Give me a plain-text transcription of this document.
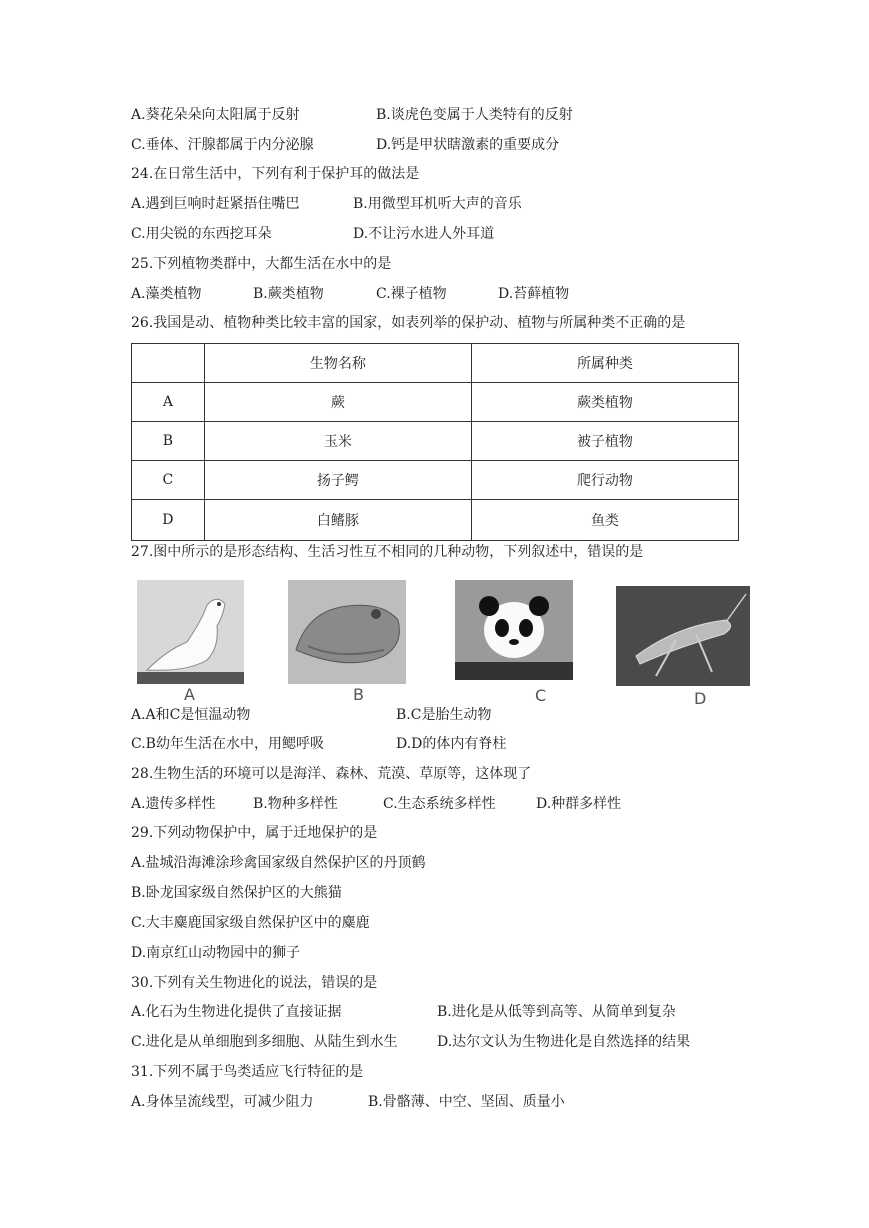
A.葵花朵朵向太阳属于反射	B.谈虎色变属于人类特有的反射
C.垂体、汗腺都属于内分泌腺	D.钙是甲状瞎激素的重要成分
24.在日常生活中，下列有利于保护耳的做法是
A.遇到巨响时赶紧捂住嘴巴	B.用微型耳机听大声的音乐
C.用尖锐的东西挖耳朵	D.不让污水进人外耳道
25.下列植物类群中，大都生活在水中的是
A.藻类植物	B.蕨类植物	C.裸子植物	D.苔藓植物
26.我国是动、植物种类比较丰富的国家，如表列举的保护动、植物与所属种类不正确的是
	生物名称	所属种类
A	蕨	蕨类植物
B	玉米	被子植物
C	扬子鳄	爬行动物
D	白鳍豚	鱼类
27.图中所示的是形态结构、生活习性互不相同的几种动物，下列叙述中，错误的是
A	B	C	D
A.A和C是恒温动物	B.C是胎生动物
C.B幼年生活在水中，用鳃呼吸	D.D的体内有脊柱
28.生物生活的环境可以是海洋、森林、荒漠、草原等，这体现了
A.遗传多样性	B.物种多样性	C.生态系统多样性	D.种群多样性
29.下列动物保护中，属于迁地保护的是
A.盐城沿海滩涂珍禽国家级自然保护区的丹顶鹤
B.卧龙国家级自然保护区的大熊猫
C.大丰麋鹿国家级自然保护区中的麋鹿
D.南京红山动物园中的狮子
30.下列有关生物进化的说法，错误的是
A.化石为生物进化提供了直接证据	B.进化是从低等到高等、从简单到复杂
C.进化是从单细胞到多细胞、从陆生到水生	D.达尔文认为生物进化是自然选择的结果
31.下列不属于鸟类适应飞行特征的是
A.身体呈流线型，可减少阻力	B.骨骼薄、中空、坚固、质量小
